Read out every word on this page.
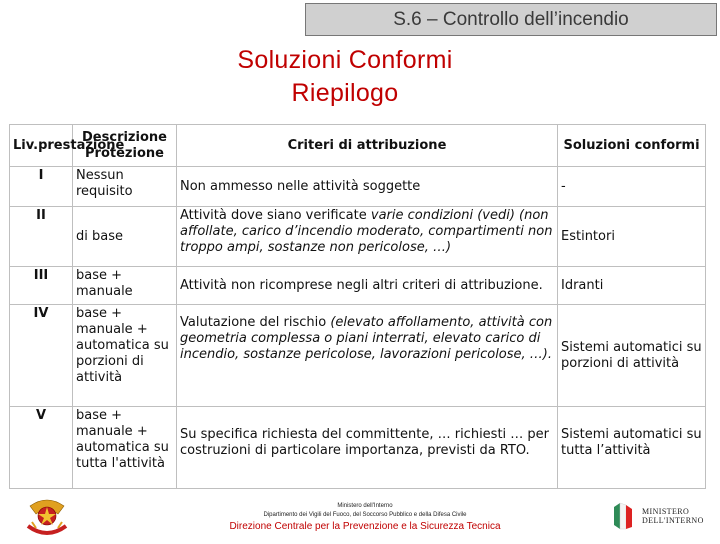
S.6 – Controllo dell’incendio
Soluzioni Conformi
Riepilogo
Liv.prestazione	Descrizione Protezione	Criteri di attribuzione	Soluzioni conformi
I	Nessun requisito	Non ammesso nelle attività soggette	-
II	di base	Attività dove siano verificate varie condizioni (vedi) (non affollate, carico d’incendio moderato, compartimenti non troppo ampi, sostanze non pericolose, …)	Estintori
III	base + manuale	Attività non ricomprese negli altri criteri di attribuzione.	Idranti
IV	base + manuale + automatica su porzioni di attività	Valutazione del rischio (elevato affollamento, attività con geometria complessa o piani interrati, elevato carico di incendio, sostanze pericolose, lavorazioni pericolose, …).	Sistemi automatici su porzioni di attività
V	base + manuale + automatica su tutta l'attività	Su specifica richiesta del committente, … richiesti … per costruzioni di particolare importanza, previsti da RTO.	Sistemi automatici su tutta l’attività
Ministero dell'Interno
Dipartimento dei Vigili del Fuoco, del Soccorso Pubblico e della Difesa Civile
Direzione Centrale per la Prevenzione e la Sicurezza Tecnica
MINISTERO
DELL'INTERNO
